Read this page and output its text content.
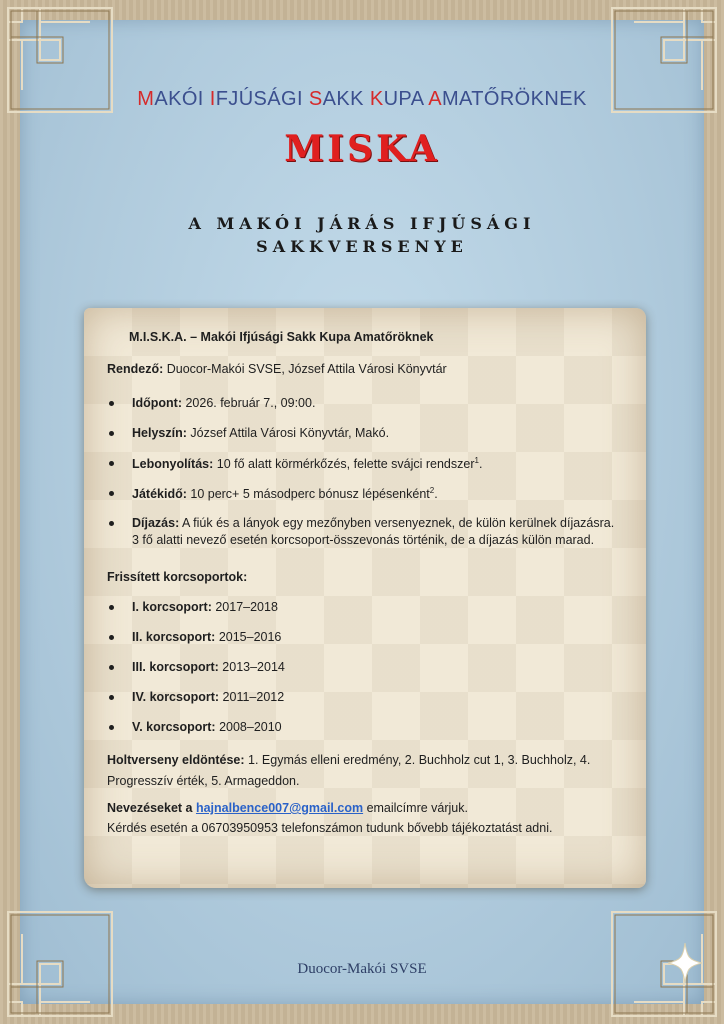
MAKÓI IFJÚSÁGI SAKK KUPA AMATŐRÖKNEK
MISKA
A MAKÓI JÁRÁS IFJÚSÁGI SAKKVERSENYE

M.I.S.K.A. – Makói Ifjúsági Sakk Kupa Amatőröknek

Rendező: Duocor-Makói SVSE, József Attila Városi Könyvtár

Időpont: 2026. február 7., 09:00.
Helyszín: József Attila Városi Könyvtár, Makó.
Lebonyolítás: 10 fő alatt körmérkőzés, felette svájci rendszer$^1$.
Játékidő: 10 perc+ 5 másodperc bónusz lépésenként$^2$.
Díjazás: A fiúk és a lányok egy mezőnyben versenyeznek, de külön kerülnek díjazásra.
3 fő alatti nevező esetén korcsoport-összevonás történik, de a díjazás külön marad.

Frissített korcsoportok:

I. korcsoport: 2017–2018
II. korcsoport: 2015–2016
III. korcsoport: 2013–2014
IV. korcsoport: 2011–2012
V. korcsoport: 2008–2010

Holtverseny eldöntése: 1. Egymás elleni eredmény, 2. Buchholz cut 1, 3. Buchholz, 4.
Progresszív érték, 5. Armageddon.

Nevezéseket a hajnalbence007@gmail.com emailcímre várjuk.
Kérdés esetén a 06703950953 telefonszámon tudunk bővebb tájékoztatást adni.

Duocor-Makói SVSE
